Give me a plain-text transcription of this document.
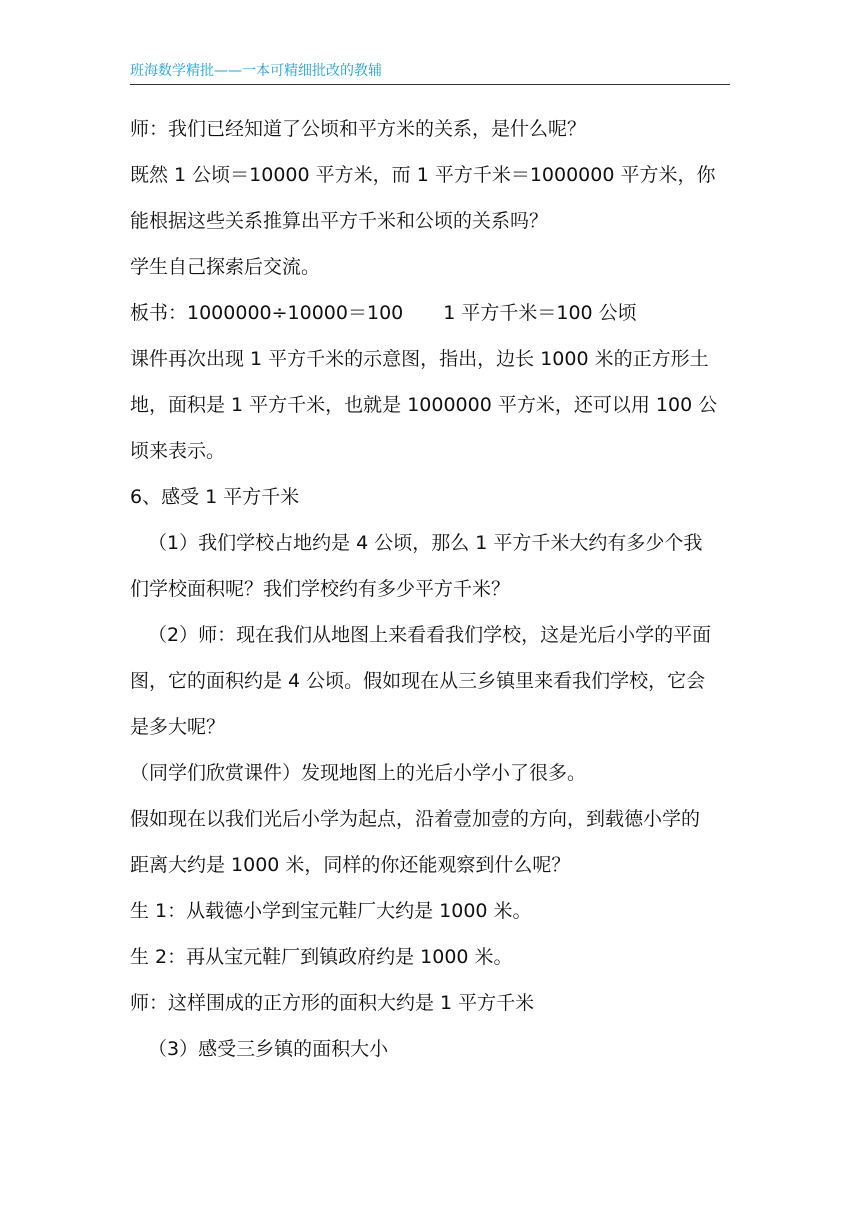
班海数学精批——一本可精细批改的教辅
师：我们已经知道了公顷和平方米的关系，是什么呢？
既然 1 公顷＝10000 平方米，而 1 平方千米＝1000000 平方米，你
能根据这些关系推算出平方千米和公顷的关系吗？
学生自己探索后交流。
板书：1000000÷10000＝100 1 平方千米＝100 公顷
课件再次出现 1 平方千米的示意图，指出，边长 1000 米的正方形土
地，面积是 1 平方千米，也就是 1000000 平方米，还可以用 100 公
顷来表示。
6、感受 1 平方千米
（1）我们学校占地约是 4 公顷，那么 1 平方千米大约有多少个我
们学校面积呢？我们学校约有多少平方千米？
（2）师：现在我们从地图上来看看我们学校，这是光后小学的平面
图，它的面积约是 4 公顷。假如现在从三乡镇里来看我们学校，它会
是多大呢？
（同学们欣赏课件）发现地图上的光后小学小了很多。
假如现在以我们光后小学为起点，沿着壹加壹的方向，到载德小学的
距离大约是 1000 米，同样的你还能观察到什么呢？
生 1：从载德小学到宝元鞋厂大约是 1000 米。
生 2：再从宝元鞋厂到镇政府约是 1000 米。
师：这样围成的正方形的面积大约是 1 平方千米
（3）感受三乡镇的面积大小
